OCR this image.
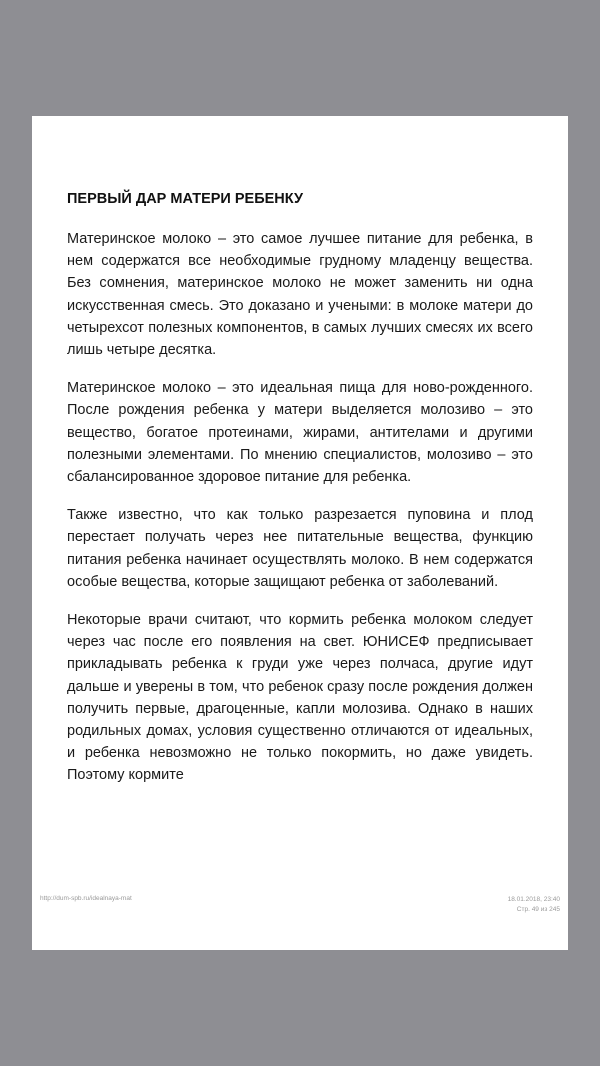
ПЕРВЫЙ ДАР МАТЕРИ РЕБЕНКУ

Материнское молоко – это самое лучшее питание для ребенка, в нем содержатся все необходимые грудному младенцу вещества. Без сомнения, материнское молоко не может заменить ни одна искусственная смесь. Это доказано и учеными: в молоке матери до четырехсот полезных компонентов, в самых лучших смесях их всего лишь четыре десятка.

Материнское молоко – это идеальная пища для ново-рожденного. После рождения ребенка у матери выделяется молозиво – это вещество, богатое протеинами, жирами, антителами и другими полезными элементами. По мнению специалистов, молозиво – это сбалансированное здоровое питание для ребенка.

Также известно, что как только разрезается пуповина и плод перестает получать через нее питательные вещества, функцию питания ребенка начинает осуществлять молоко. В нем содержатся особые вещества, которые защищают ребенка от заболеваний.

Некоторые врачи считают, что кормить ребенка молоком следует через час после его появления на свет. ЮНИСЕФ предписывает прикладывать ребенка к груди уже через полчаса, другие идут дальше и уверены в том, что ребенок сразу после рождения должен получить первые, драгоценные, капли молозива. Однако в наших родильных домах, условия существенно отличаются от идеальных, и ребенка невозможно не только покормить, но даже увидеть. Поэтому кормите

http://dum-spb.ru/idealnaya-mat	18.01.2018, 23:40
Стр. 49 из 245
